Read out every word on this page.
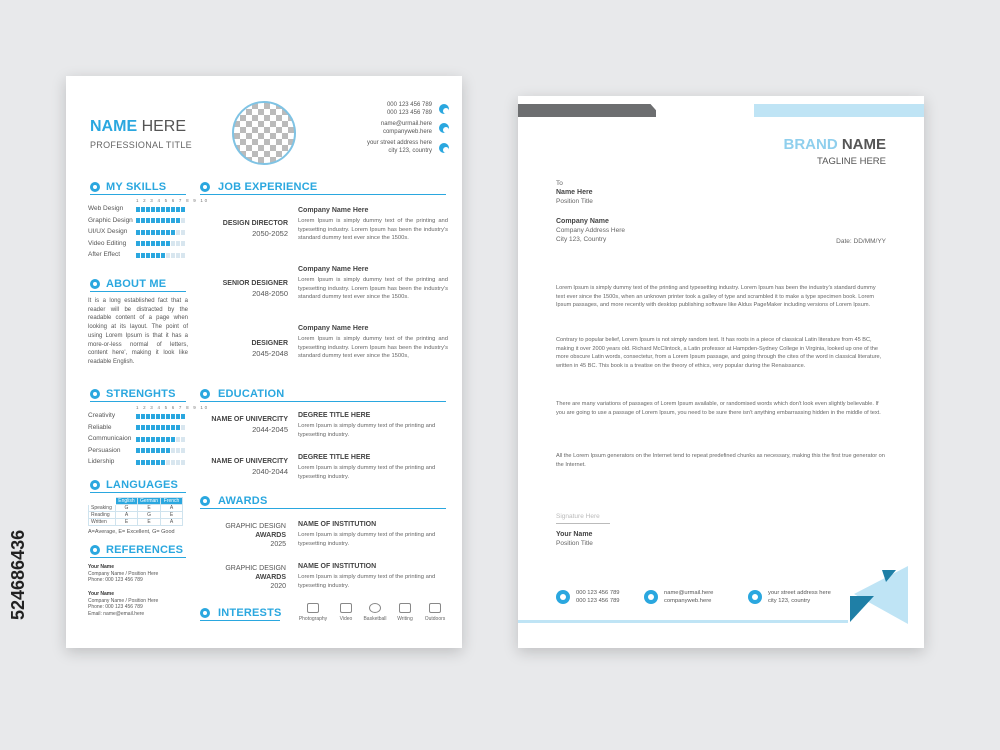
524686436
NAME HERE
PROFESSIONAL TITLE
000 123 456 789
000 123 456 789
name@urmail.here
companyweb.here
your street address here
city 123, country
MY SKILLS
1 2 3 4 5 6 7 8 9 10
ABOUT ME
It is a long established fact that a reader will be distracted by the readable content of a page when looking at its layout. The point of using Lorem Ipsum is that it has a more-or-less normal of letters, content here', making it look like readable English.
STRENGHTS
1 2 3 4 5 6 7 8 9 10
LANGUAGES
	English	German	French
Speaking	G	E	A
Reading	A	G	E
Written	E	E	A
A=Average, E= Excellent, G= Good
REFERENCES
Your Name
Company Name / Position Here
Phone: 000 123 456 789
Your Name
Company Name / Position Here
Phone: 000 123 456 789
Email: name@email.here
JOB EXPERIENCE
DESIGN DIRECTOR
2050-2052
Company Name Here
Lorem Ipsum is simply dummy text of the printing and typesetting industry. Lorem Ipsum has been the industry's standard dummy text ever since the 1500s.
SENIOR DESIGNER
2048-2050
Company Name Here
Lorem Ipsum is simply dummy text of the printing and typesetting industry. Lorem Ipsum has been the industry's standard dummy text ever since the 1500s.
DESIGNER
2045-2048
Company Name Here
Lorem Ipsum is simply dummy text of the printing and typesetting industry. Lorem Ipsum has been the industry's standard dummy text ever since the 1500s,
EDUCATION
NAME OF UNIVERCITY
2044-2045
DEGREE TITLE HERE
Lorem Ipsum is simply dummy text of the printing and typesetting industry.
NAME OF UNIVERCITY
2040-2044
DEGREE TITLE HERE
Lorem Ipsum is simply dummy text of the printing and typesetting industry.
AWARDS
GRAPHIC DESIGN
AWARDS
2025
NAME OF INSTITUTION
Lorem Ipsum is simply dummy text of the printing and typesetting industry.
GRAPHIC DESIGN
AWARDS
2020
NAME OF INSTITUTION
Lorem Ipsum is simply dummy text of the printing and typesetting industry.
INTERESTS	Photography	Video	Basketball	Writing	Outdoors
Web Design
Graphic Design
UI/UX Design
Video Editing
After Effect
Creativity
Reliable
Communicaion
Persuasion
Lidership
BRAND NAME
TAGLINE HERE
To
Name Here
Position Title
Company Name
Company Address Here
City 123, Country	Date: DD/MM/YY
Lorem Ipsum is simply dummy text of the printing and typesetting industry. Lorem Ipsum has been the industry's standard dummy text ever since the 1500s, when an unknown printer took a galley of type and scrambled it to make a type specimen book. Lorem Ipsum passages, and more recently with desktop publishing software like Aldus PageMaker including versions of Lorem Ipsum.
Contrary to popular belief, Lorem Ipsum is not simply random text. It has roots in a piece of classical Latin literature from 45 BC, making it over 2000 years old. Richard McClintock, a Latin professor at Hampden-Sydney College in Virginia, looked up one of the more obscure Latin words, consectetur, from a Lorem Ipsum passage, and going through the cites of the word in classical literature, written in 45 BC. This book is a treatise on the theory of ethics, very popular during the Renaissance.
There are many variations of passages of Lorem Ipsum available, or randomised words which don't look even slightly believable. If you are going to use a passage of Lorem Ipsum, you need to be sure there isn't anything embarrassing hidden in the middle of text.
All the Lorem Ipsum generators on the Internet tend to repeat predefined chunks as necessary, making this the first true generator on the Internet.
Signature Here
Your Name
Position Title
000 123 456 789
000 123 456 789
name@urmail.here
companyweb.here
your street address here
city 123, country
